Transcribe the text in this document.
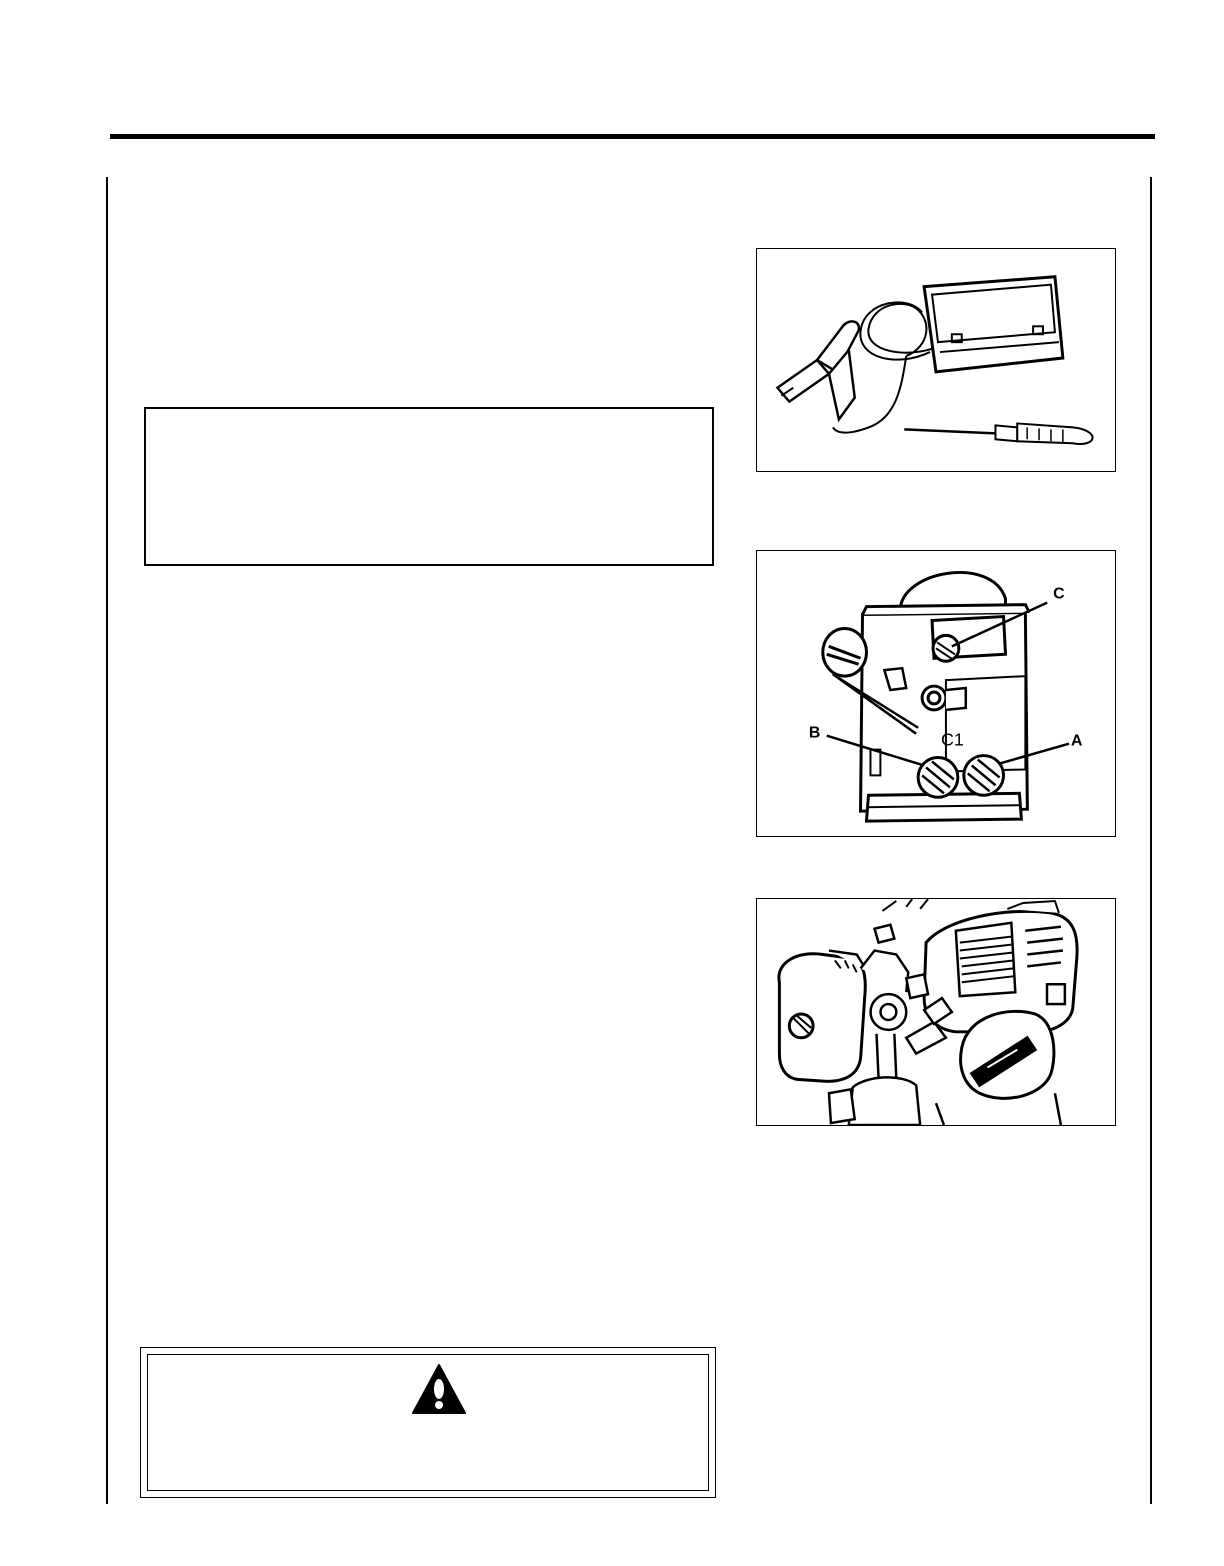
C
B	A
C1
